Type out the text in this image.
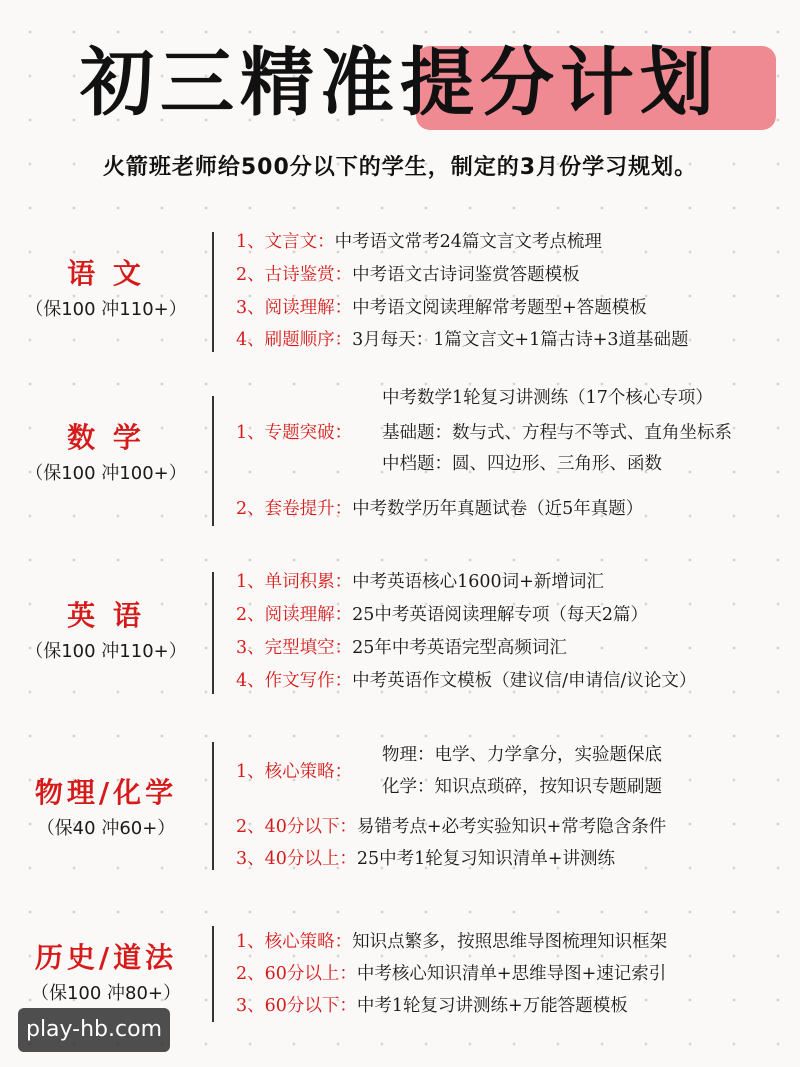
初三精准提分计划
火箭班老师给500分以下的学生，制定的3月份学习规划。
语 文
（保100 冲110+）
1、文言文：中考语文常考24篇文言文考点梳理
2、古诗鉴赏：中考语文古诗词鉴赏答题模板
3、阅读理解：中考语文阅读理解常考题型+答题模板
4、刷题顺序：3月每天：1篇文言文+1篇古诗+3道基础题
数 学
（保100 冲100+）
中考数学1轮复习讲测练（17个核心专项）
1、专题突破： 基础题：数与式、方程与不等式、直角坐标系
中档题：圆、四边形、三角形、函数
2、套卷提升：中考数学历年真题试卷（近5年真题）
英 语
（保100 冲110+）
1、单词积累：中考英语核心1600词+新增词汇
2、阅读理解：25中考英语阅读理解专项（每天2篇）
3、完型填空：25年中考英语完型高频词汇
4、作文写作：中考英语作文模板（建议信/申请信/议论文）
物理/化学
（保40 冲60+）
物理：电学、力学拿分，实验题保底
1、核心策略：
化学：知识点琐碎，按知识专题刷题
2、40分以下：易错考点+必考实验知识+常考隐含条件
3、40分以上：25中考1轮复习知识清单+讲测练
历史/道法
（保100 冲80+）
1、核心策略：知识点繁多，按照思维导图梳理知识框架
2、60分以上：中考核心知识清单+思维导图+速记索引
3、60分以下：中考1轮复习讲测练+万能答题模板
play-hb.com
